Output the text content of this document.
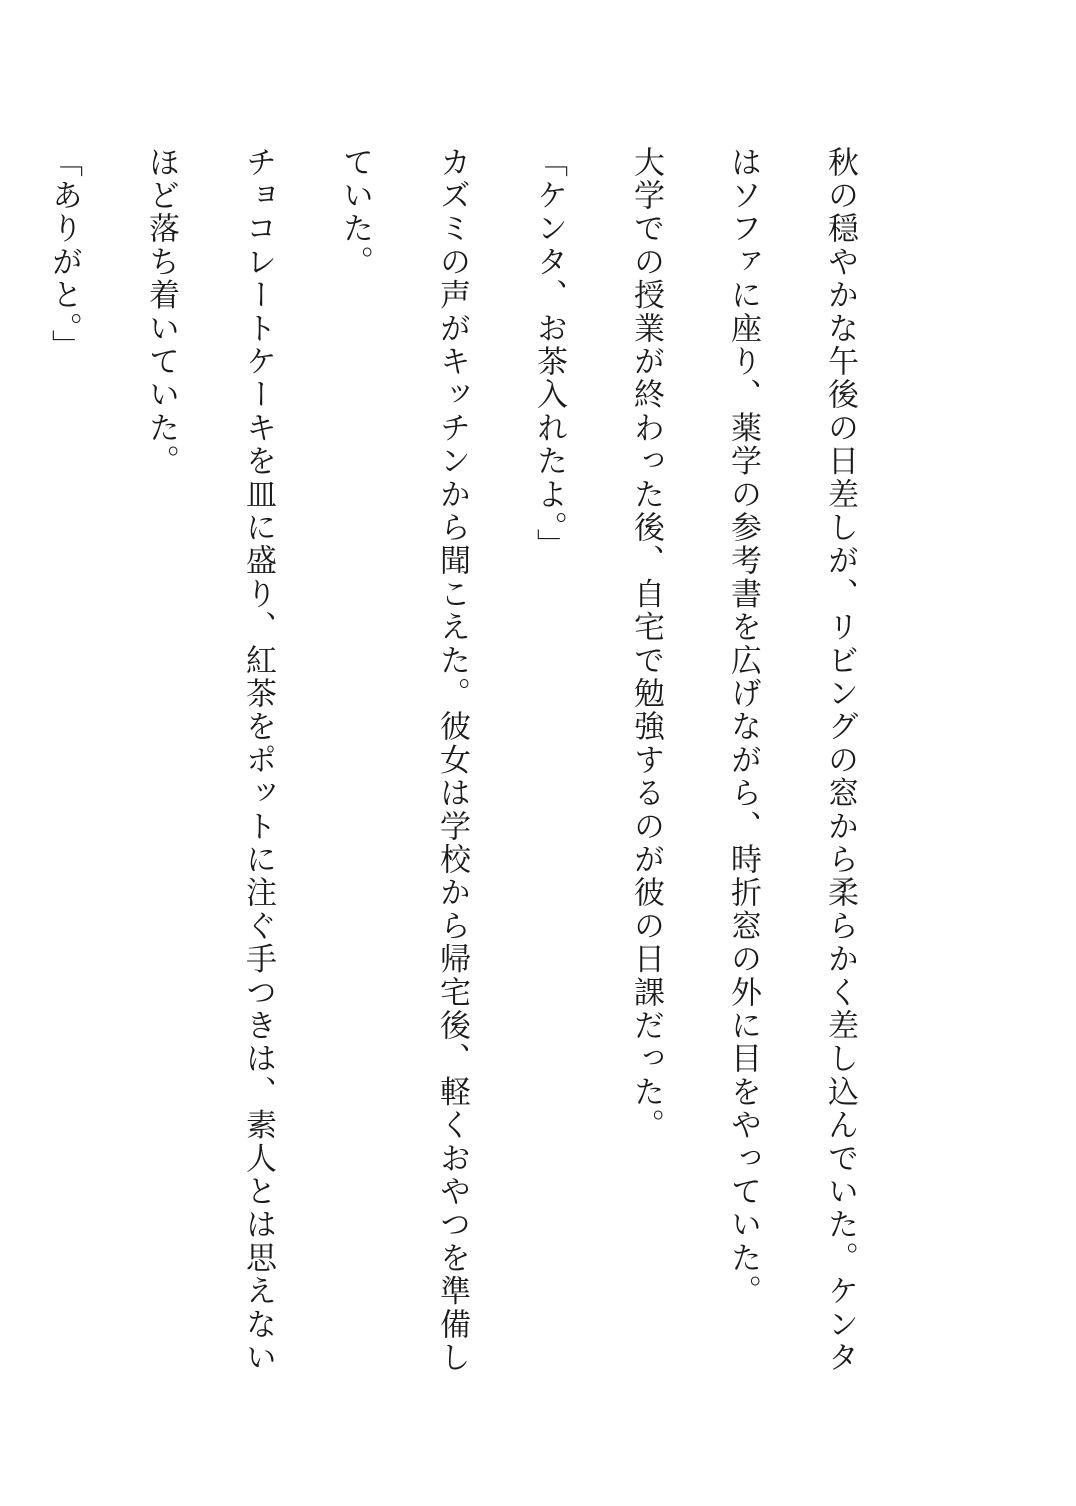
秋の穏やかな午後の日差しが、リビングの窓から柔らかく差し込んでいた。ケンタはソファに座り、薬学の参考書を広げながら、時折窓の外に目をやっていた。

大学での授業が終わった後、自宅で勉強するのが彼の日課だった。

「ケンタ、お茶入れたよ。」

カズミの声がキッチンから聞こえた。彼女は学校から帰宅後、軽くおやつを準備していた。

チョコレートケーキを皿に盛り、紅茶をポットに注ぐ手つきは、素人とは思えないほど落ち着いていた。

「ありがと。」
